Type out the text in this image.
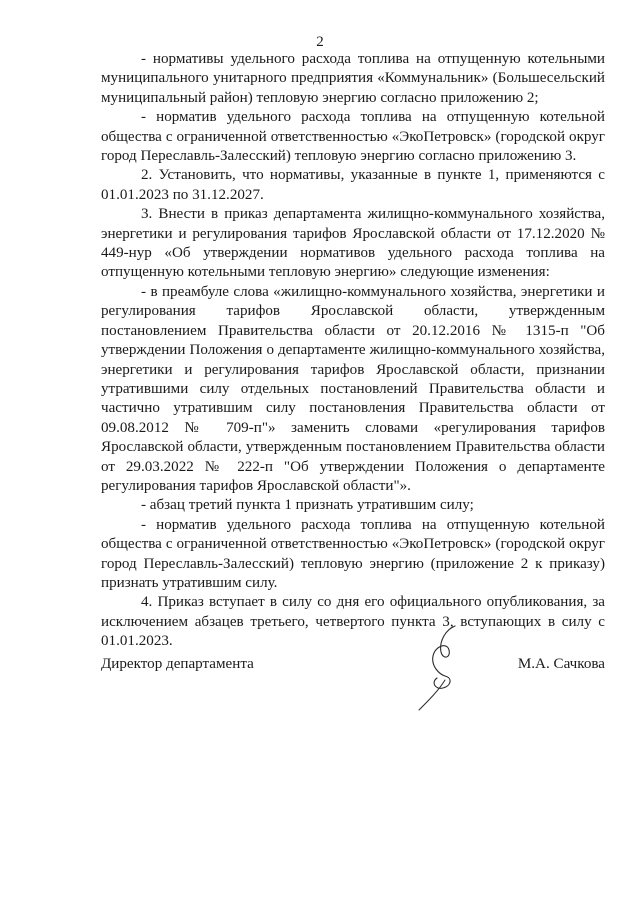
2

- нормативы удельного расхода топлива на отпущенную котельными муниципального унитарного предприятия «Коммунальник» (Большесельский муниципальный район) тепловую энергию согласно приложению 2;

- норматив удельного расхода топлива на отпущенную котельной общества с ограниченной ответственностью «ЭкоПетровск» (городской округ город Переславль-Залесский) тепловую энергию согласно приложению 3.

2. Установить, что нормативы, указанные в пункте 1, применяются с 01.01.2023 по 31.12.2027.

3. Внести в приказ департамента жилищно-коммунального хозяйства, энергетики и регулирования тарифов Ярославской области от 17.12.2020 № 449-нур «Об утверждении нормативов удельного расхода топлива на отпущенную котельными тепловую энергию» следующие изменения:

- в преамбуле слова «жилищно-коммунального хозяйства, энергетики и регулирования тарифов Ярославской области, утвержденным постановлением Правительства области от 20.12.2016 № 1315-п "Об утверждении Положения о департаменте жилищно-коммунального хозяйства, энергетики и регулирования тарифов Ярославской области, признании утратившими силу отдельных постановлений Правительства области и частично утратившим силу постановления Правительства области от 09.08.2012 № 709-п"» заменить словами «регулирования тарифов Ярославской области, утвержденным постановлением Правительства области от 29.03.2022 № 222-п "Об утверждении Положения о департаменте регулирования тарифов Ярославской области"».

- абзац третий пункта 1 признать утратившим силу;

- норматив удельного расхода топлива на отпущенную котельной общества с ограниченной ответственностью «ЭкоПетровск» (городской округ город Переславль-Залесский) тепловую энергию (приложение 2 к приказу) признать утратившим силу.

4. Приказ вступает в силу со дня его официального опубликования, за исключением абзацев третьего, четвертого пункта 3, вступающих в силу с 01.01.2023.

Директор департамента	М.А. Сачкова
